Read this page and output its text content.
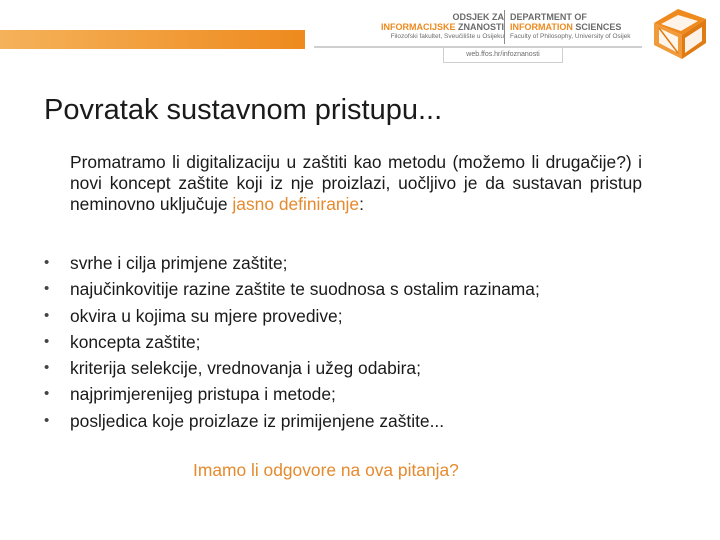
ODSJEK ZA
INFORMACIJSKE ZNANOSTI
Filozofski fakultet, Sveučilište u Osijeku
DEPARTMENT OF
INFORMATION SCIENCES
Faculty of Philosophy, University of Osijek
web.ffos.hr/infoznanosti
Povratak sustavnom pristupu...
Promatramo li digitalizaciju u zaštiti kao metodu (možemo li drugačije?) i novi koncept zaštite koji iz nje proizlazi, uočljivo je da sustavan pristup neminovno uključuje jasno definiranje:
• svrhe i cilja primjene zaštite;
• najučinkovitije razine zaštite te suodnosa s ostalim razinama;
• okvira u kojima su mjere provedive;
• koncepta zaštite;
• kriterija selekcije, vrednovanja i užeg odabira;
• najprimjerenijeg pristupa i metode;
• posljedica koje proizlaze iz primijenjene zaštite...
Imamo li odgovore na ova pitanja?
